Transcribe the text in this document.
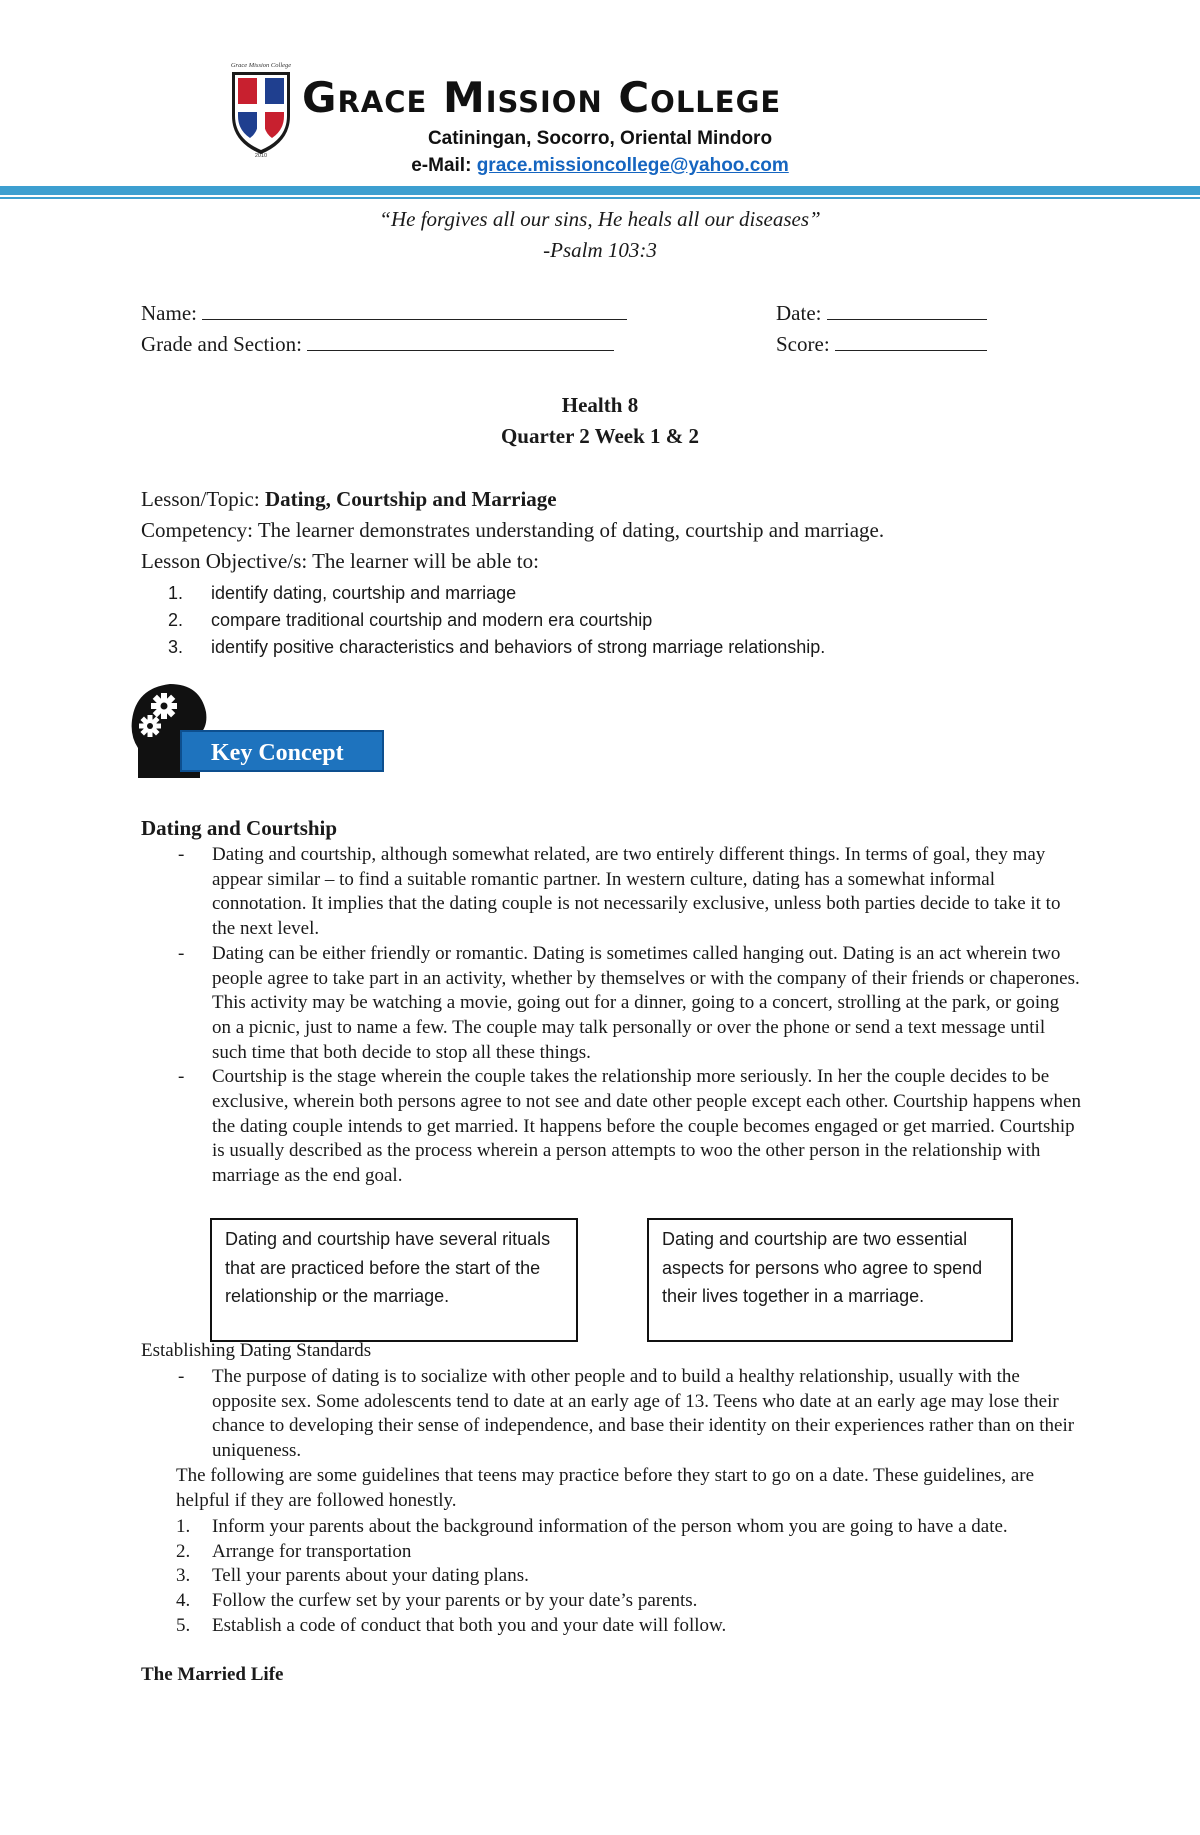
Grace Mission College
2010
Grace Mission College
Catiningan, Socorro, Oriental Mindoro
e-Mail: grace.missioncollege@yahoo.com
“He forgives all our sins, He heals all our diseases”
-Psalm 103:3
Name:	Date:
Grade and Section:	Score:
Health 8
Quarter 2 Week 1 & 2
Lesson/Topic: Dating, Courtship and Marriage
Competency: The learner demonstrates understanding of dating, courtship and marriage.
Lesson Objective/s: The learner will be able to:
1. identify dating, courtship and marriage
2. compare traditional courtship and modern era courtship
3. identify positive characteristics and behaviors of strong marriage relationship.
Key Concept
Dating and Courtship
- Dating and courtship, although somewhat related, are two entirely different things. In terms of goal, they may appear similar – to find a suitable romantic partner. In western culture, dating has a somewhat informal connotation. It implies that the dating couple is not necessarily exclusive, unless both parties decide to take it to the next level.
- Dating can be either friendly or romantic. Dating is sometimes called hanging out. Dating is an act wherein two people agree to take part in an activity, whether by themselves or with the company of their friends or chaperones. This activity may be watching a movie, going out for a dinner, going to a concert, strolling at the park, or going on a picnic, just to name a few. The couple may talk personally or over the phone or send a text message until such time that both decide to stop all these things.
- Courtship is the stage wherein the couple takes the relationship more seriously. In her the couple decides to be exclusive, wherein both persons agree to not see and date other people except each other. Courtship happens when the dating couple intends to get married. It happens before the couple becomes engaged or get married. Courtship is usually described as the process wherein a person attempts to woo the other person in the relationship with marriage as the end goal.
Dating and courtship have several rituals that are practiced before the start of the relationship or the marriage.
Dating and courtship are two essential aspects for persons who agree to spend their lives together in a marriage.
Establishing Dating Standards
- The purpose of dating is to socialize with other people and to build a healthy relationship, usually with the opposite sex. Some adolescents tend to date at an early age of 13. Teens who date at an early age may lose their chance to developing their sense of independence, and base their identity on their experiences rather than on their uniqueness.
The following are some guidelines that teens may practice before they start to go on a date. These guidelines, are helpful if they are followed honestly.
1. Inform your parents about the background information of the person whom you are going to have a date.
2. Arrange for transportation
3. Tell your parents about your dating plans.
4. Follow the curfew set by your parents or by your date’s parents.
5. Establish a code of conduct that both you and your date will follow.
The Married Life
